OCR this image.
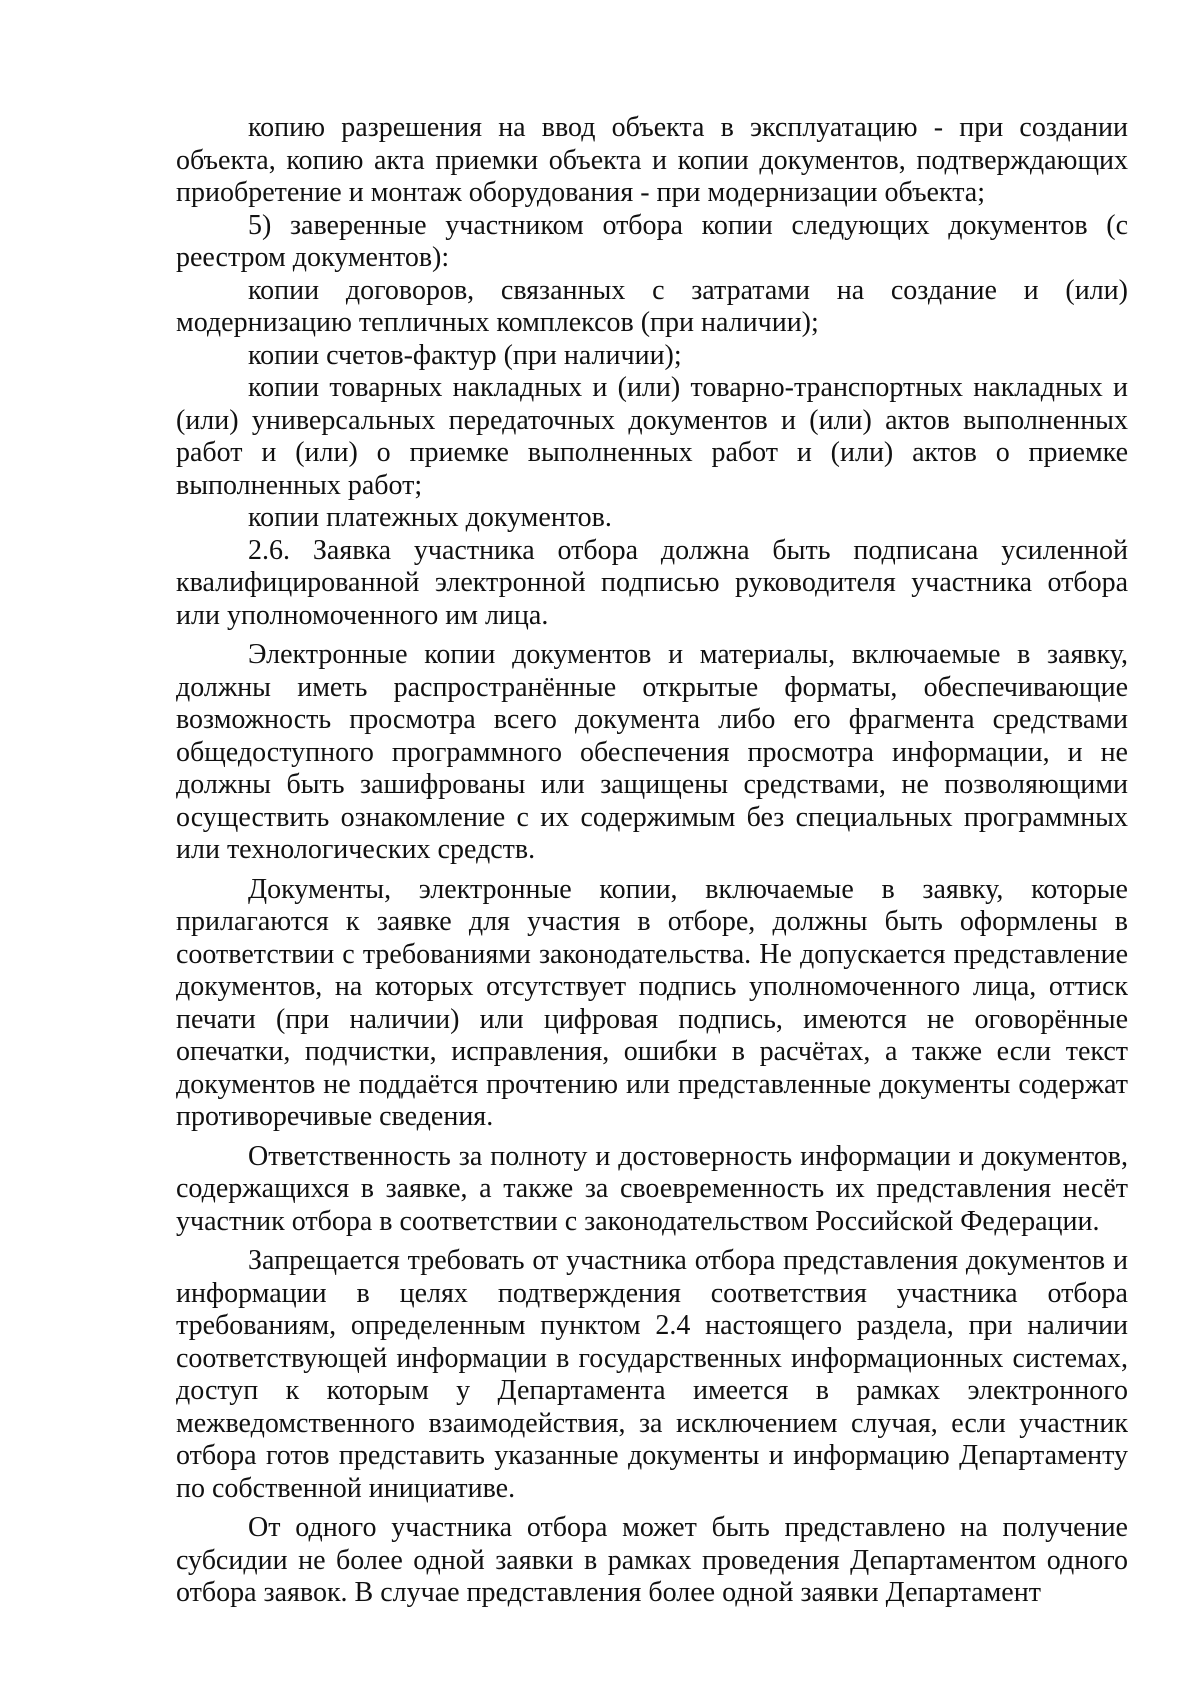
копию разрешения на ввод объекта в эксплуатацию - при создании объекта, копию акта приемки объекта и копии документов, подтверждающих приобретение и монтаж оборудования - при модернизации объекта;

5) заверенные участником отбора копии следующих документов (с реестром документов):

копии договоров, связанных с затратами на создание и (или) модернизацию тепличных комплексов (при наличии);

копии счетов-фактур (при наличии);

копии товарных накладных и (или) товарно-транспортных накладных и (или) универсальных передаточных документов и (или) актов выполненных работ и (или) о приемке выполненных работ и (или) актов о приемке выполненных работ;

копии платежных документов.

2.6. Заявка участника отбора должна быть подписана усиленной квалифицированной электронной подписью руководителя участника отбора или уполномоченного им лица.

Электронные копии документов и материалы, включаемые в заявку, должны иметь распространённые открытые форматы, обеспечивающие возможность просмотра всего документа либо его фрагмента средствами общедоступного программного обеспечения просмотра информации, и не должны быть зашифрованы или защищены средствами, не позволяющими осуществить ознакомление с их содержимым без специальных программных или технологических средств.

Документы, электронные копии, включаемые в заявку, которые прилагаются к заявке для участия в отборе, должны быть оформлены в соответствии с требованиями законодательства. Не допускается представление документов, на которых отсутствует подпись уполномоченного лица, оттиск печати (при наличии) или цифровая подпись, имеются не оговорённые опечатки, подчистки, исправления, ошибки в расчётах, а также если текст документов не поддаётся прочтению или представленные документы содержат противоречивые сведения.

Ответственность за полноту и достоверность информации и документов, содержащихся в заявке, а также за своевременность их представления несёт участник отбора в соответствии с законодательством Российской Федерации.

Запрещается требовать от участника отбора представления документов и информации в целях подтверждения соответствия участника отбора требованиям, определенным пунктом 2.4 настоящего раздела, при наличии соответствующей информации в государственных информационных системах, доступ к которым у Департамента имеется в рамках электронного межведомственного взаимодействия, за исключением случая, если участник отбора готов представить указанные документы и информацию Департаменту по собственной инициативе.

От одного участника отбора может быть представлено на получение субсидии не более одной заявки в рамках проведения Департаментом одного отбора заявок. В случае представления более одной заявки Департамент
